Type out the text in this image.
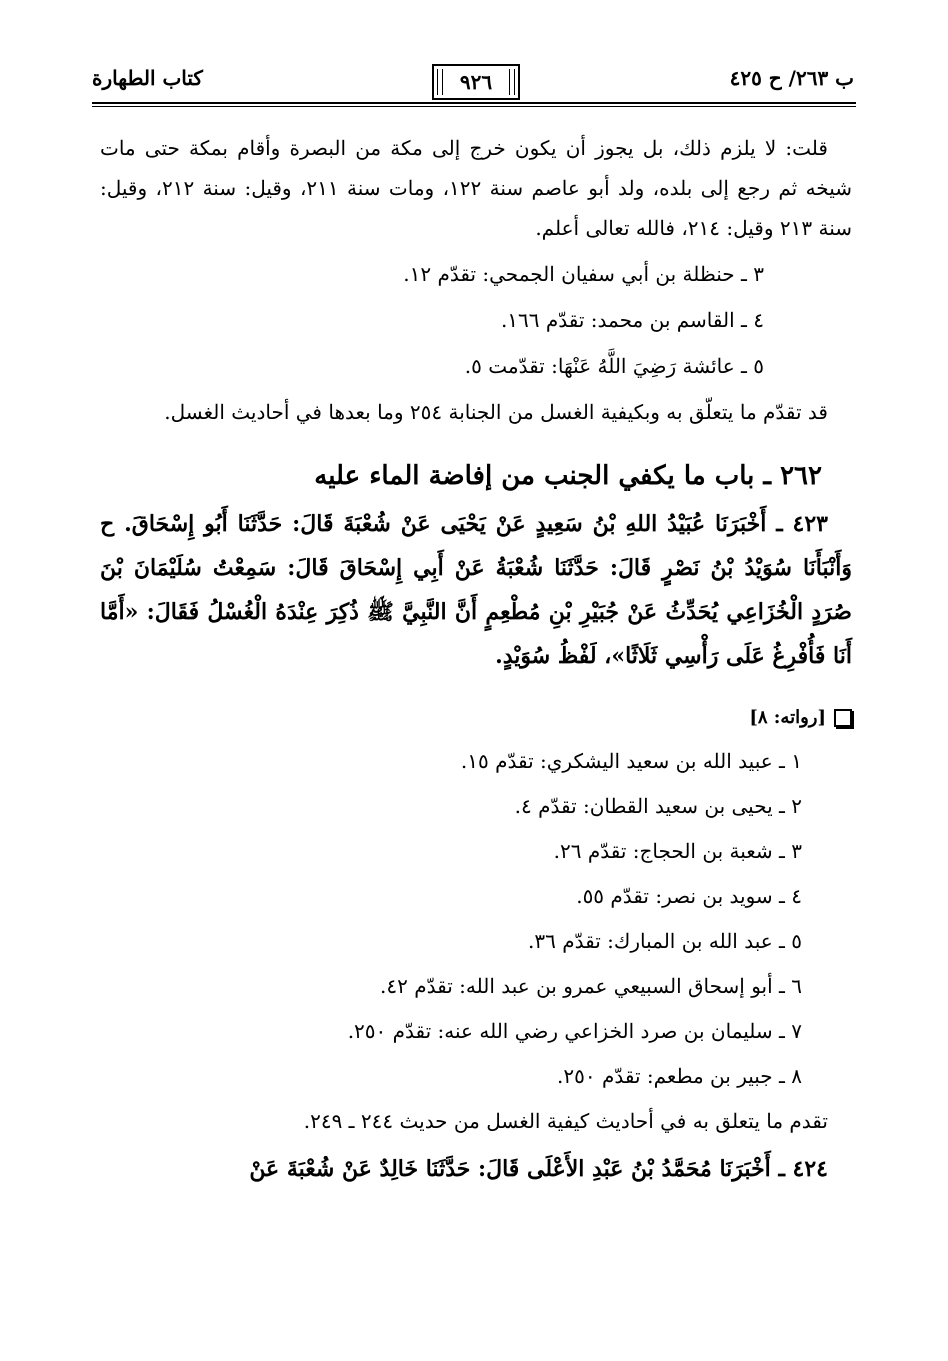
كتاب الطهارة	٩٢٦	ب ٢٦٣/ ح ٤٢٥

قلت: لا يلزم ذلك، بل يجوز أن يكون خرج إلى مكة من البصرة وأقام بمكة حتى مات شيخه ثم رجع إلى بلده، ولد أبو عاصم سنة ١٢٢، ومات سنة ٢١١، وقيل: سنة ٢١٢، وقيل: سنة ٢١٣ وقيل: ٢١٤، فالله تعالى أعلم.

٣ ـ حنظلة بن أبي سفيان الجمحي: تقدّم ١٢.
٤ ـ القاسم بن محمد: تقدّم ١٦٦.
٥ ـ عائشة رَضِيَ اللَّهُ عَنْهَا: تقدّمت ٥.

قد تقدّم ما يتعلّق به وبكيفية الغسل من الجنابة ٢٥٤ وما بعدها في أحاديث الغسل.

٢٦٢ ـ باب ما يكفي الجنب من إفاضة الماء عليه

٤٢٣ ـ أَخْبَرَنَا عُبَيْدُ اللهِ بْنُ سَعِيدٍ عَنْ يَحْيَى عَنْ شُعْبَةَ قَالَ: حَدَّثَنَا أَبُو إِسْحَاقَ. ح وَأَنْبَأَنَا سُوَيْدُ بْنُ نَصْرٍ قَالَ: حَدَّثَنَا شُعْبَةُ عَنْ أَبِي إِسْحَاقَ قَالَ: سَمِعْتُ سُلَيْمَانَ بْنَ صُرَدٍ الْخُزَاعِي يُحَدِّثُ عَنْ جُبَيْرِ بْنِ مُطْعِمٍ أَنَّ النَّبِيَّ ﷺ ذُكِرَ عِنْدَهُ الْغُسْلُ فَقَالَ: «أَمَّا أَنَا فَأُفْرِغُ عَلَى رَأْسِي ثَلَاثًا»، لَفْظُ سُوَيْدٍ.

[رواته: ٨]
١ ـ عبيد الله بن سعيد اليشكري: تقدّم ١٥.
٢ ـ يحيى بن سعيد القطان: تقدّم ٤.
٣ ـ شعبة بن الحجاج: تقدّم ٢٦.
٤ ـ سويد بن نصر: تقدّم ٥٥.
٥ ـ عبد الله بن المبارك: تقدّم ٣٦.
٦ ـ أبو إسحاق السبيعي عمرو بن عبد الله: تقدّم ٤٢.
٧ ـ سليمان بن صرد الخزاعي رضي الله عنه: تقدّم ٢٥٠.
٨ ـ جبير بن مطعم: تقدّم ٢٥٠.

تقدم ما يتعلق به في أحاديث كيفية الغسل من حديث ٢٤٤ ـ ٢٤٩.

٤٢٤ ـ أَخْبَرَنَا مُحَمَّدُ بْنُ عَبْدِ الأَعْلَى قَالَ: حَدَّثَنَا خَالِدٌ عَنْ شُعْبَةَ عَنْ
